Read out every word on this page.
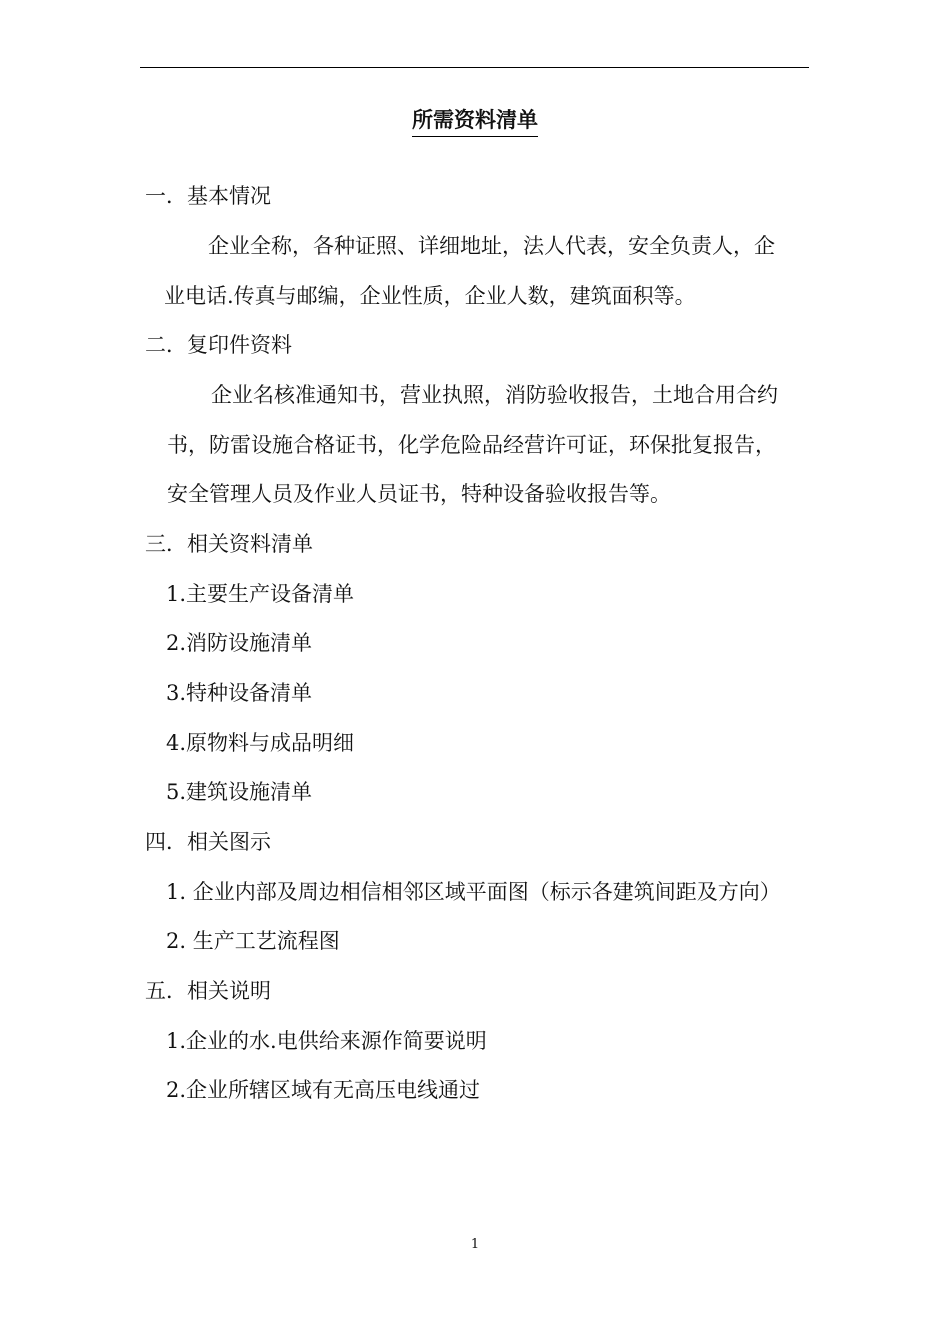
所需资料清单
一．基本情况
企业全称，各种证照、详细地址，法人代表，安全负责人，企
业电话.传真与邮编，企业性质，企业人数，建筑面积等。
二．复印件资料
企业名核准通知书，营业执照，消防验收报告，土地合用合约
书，防雷设施合格证书，化学危险品经营许可证，环保批复报告，
安全管理人员及作业人员证书，特种设备验收报告等。
三．相关资料清单
1.主要生产设备清单
2.消防设施清单
3.特种设备清单
4.原物料与成品明细
5.建筑设施清单
四．相关图示
1. 企业内部及周边相信相邻区域平面图（标示各建筑间距及方向）
2. 生产工艺流程图
五．相关说明
1.企业的水.电供给来源作简要说明
2.企业所辖区域有无高压电线通过
1
